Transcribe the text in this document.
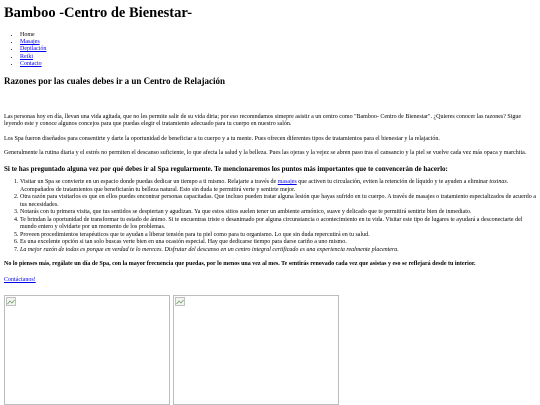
Bamboo -Centro de Bienestar-
• Home
• Masajes
• Depilación
• Reiki
• Contacto
Razones por las cuales debes ir a un Centro de Relajación

Las personas hoy en día, llevan una vida agitada, que no les permite salir de su vida diria; por eso recomndamos simepre asistir a un centro como "Bamboo- Centro de Bienestar". ¿Quieres conocer las razones? Sigue leyendo este y conoce algunos concejos para que puedas elegir el tratamiento adecuado para tu cuerpo en nuestro salón.

Los Spa fueron diseñados para consentirte y darte la oportunidad de beneficiar a tu cuerpo y a tu mente. Pues ofrecen diferentes tipos de tratamientos para el bienestar y la relajación.

Generalmente la rutina diaria y el estrés no permiten el descanso suficiente, lo que afecta la salud y la belleza. Pues las ojeras y la vejez se abren paso tras el cansancio y la piel se vuelve cada vez más opaca y marchita.

Si te has preguntado alguna vez por qué debes ir al Spa regularmente. Te mencionaremos los puntos más importantes que te convencerán de hacerlo:
1. Visitar un Spa se convierte en un espacio donde puedas dedicar un tiempo a ti mismo. Relajarte a través de masajes que activen tu circulación, eviten la retención de líquido y te ayuden a eliminar toxinas. Acompañados de tratamientos que beneficiarán tu belleza natural. Esto sin duda te permitirá verte y sentirte mejor.
2. Otra razón para visitarlos es que en ellos puedes encontrar personas capacitadas. Que incluso pueden tratar alguna lesión que hayas sufrido en tu cuerpo. A través de masajes o tratamiento especializados de acuerdo a tus necesidades.
3. Notarás con tu primera visita, que tus sentidos se despiertan y agudizan. Ya que estos sitios suelen tener un ambiente armónico, suave y delicado que te permitirá sentirte bien de inmediato.
4. Te brindan la oportunidad de transformar tu estado de ánimo. Si te encuentras triste o desanimado por alguna circunstancia o acontecimiento en tu vida. Visitar este tipo de lugares te ayudará a desconectarte del mundo entero y olvidarte por un momento de los problemas.
5. Proveen procedimientos terapéuticos que te ayudan a liberar tensión para tu piel como para tu organismo. Lo que sin duda repercutirá en tu salud.
6. Es una excelente opción si tan solo buscas verte bien en una ocasión especial. Hay que dedicarse tiempo para darse cariño a uno mismo.
7. La mejor razón de todas es porque en verdad te lo mereces. Disfrutar del descanso en un centro integral certificado es una experiencia realmente placentera.

No lo pienses más, regálate un día de Spa, con la mayor frecuencia que puedas, por lo menos una vez al mes. Te sentirás renovado cada vez que asistas y eso se reflejará desde tu interior.

Contáctanos!
